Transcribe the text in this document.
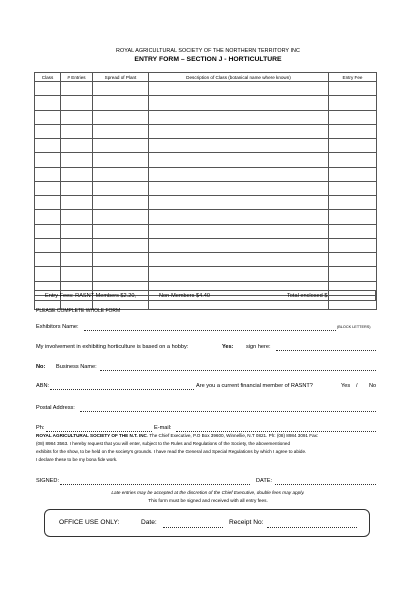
ROYAL AGRICULTURAL SOCIETY OF THE NORTHERN TERRITORY INC
ENTRY FORM – SECTION J - HORTICULTURE
Class	# Entries	Spread of Plant	Description of Class (botanical name where known)	Entry Fee

Entry Fees: RASNT Members $2.20,	Non-Members $4.40	Total enclosed $
PLEASE COMPLETE WHOLE FORM
Exhibitors Name:	(BLOCK LETTERS)
My involvement in exhibiting horticulture is based on a hobby:	Yes: sign here:
No: Business Name:
ABN:	Are you a current financial member of RASNT?	Yes / No
Postal Address:
Ph:	E-mail:
ROYAL AGRICULTURAL SOCIETY OF THE N.T. INC. The Chief Executive, P.O Box 39600, Winnellie, N.T 0821. Ph: (08) 8984 3091 Fax:
(08) 8984 3563. I hereby request that you will enter, subject to the Rules and Regulations of the Society, the abovementioned
exhibits for the show, to be held on the society's grounds. I have read the General and Special Regulations by which I agree to abide.
I declare these to be my bona fide work.
SIGNED:	DATE:
Late entries may be accepted at the discretion of the Chief Executive, double fees may apply.
This form must be signed and received with all entry fees.
OFFICE USE ONLY:	Date:	Receipt No:
